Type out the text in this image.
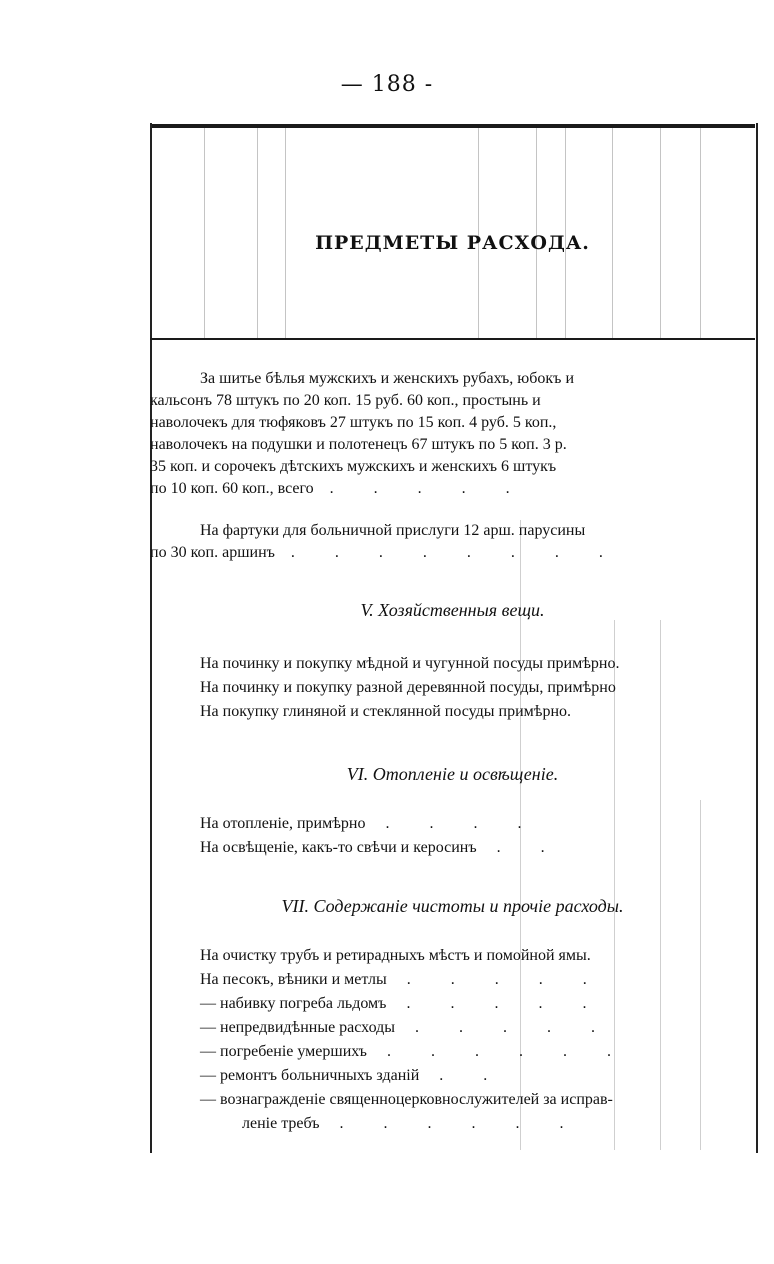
— 188 -
ПРЕДМЕТЫ РАСХОДА.
За шитье бѣлья мужскихъ и женскихъ рубахъ, юбокъ и
кальсонъ 78 штукъ по 20 коп. 15 руб. 60 коп., простынь и
наволочекъ для тюфяковъ 27 штукъ по 15 коп. 4 руб. 5 коп.,
наволочекъ на подушки и полотенецъ 67 штукъ по 5 коп. 3 р.
35 коп. и сорочекъ дѣтскихъ мужскихъ и женскихъ 6 штукъ
по 10 коп. 60 коп., всего	. . . . .
На фартуки для больничной прислуги 12 арш. парусины
по 30 коп. аршинъ	. . . . . . . .
V. Хозяйственныя вещи.
На починку и покупку мѣдной и чугунной посуды примѣрно.
На починку и покупку разной деревянной посуды, примѣрно
На покупку глиняной и стеклянной посуды примѣрно.
VI. Отопленіе и освѣщеніе.
На отопленіе, примѣрно . . . .
На освѣщеніе, какъ-то свѣчи и керосинъ . .
VII. Содержаніе чистоты и прочіе расходы.
На очистку трубъ и ретирадныхъ мѣстъ и помойной ямы.
На песокъ, вѣники и метлы . . . . .
— набивку погреба льдомъ . . . . .
— непредвидѣнные расходы . . . . .
— погребеніе умершихъ . . . . . .
— ремонтъ больничныхъ зданій . .
— вознагражденіе священноцерковнослужителей за исправ-
леніе требъ . . . . . .
